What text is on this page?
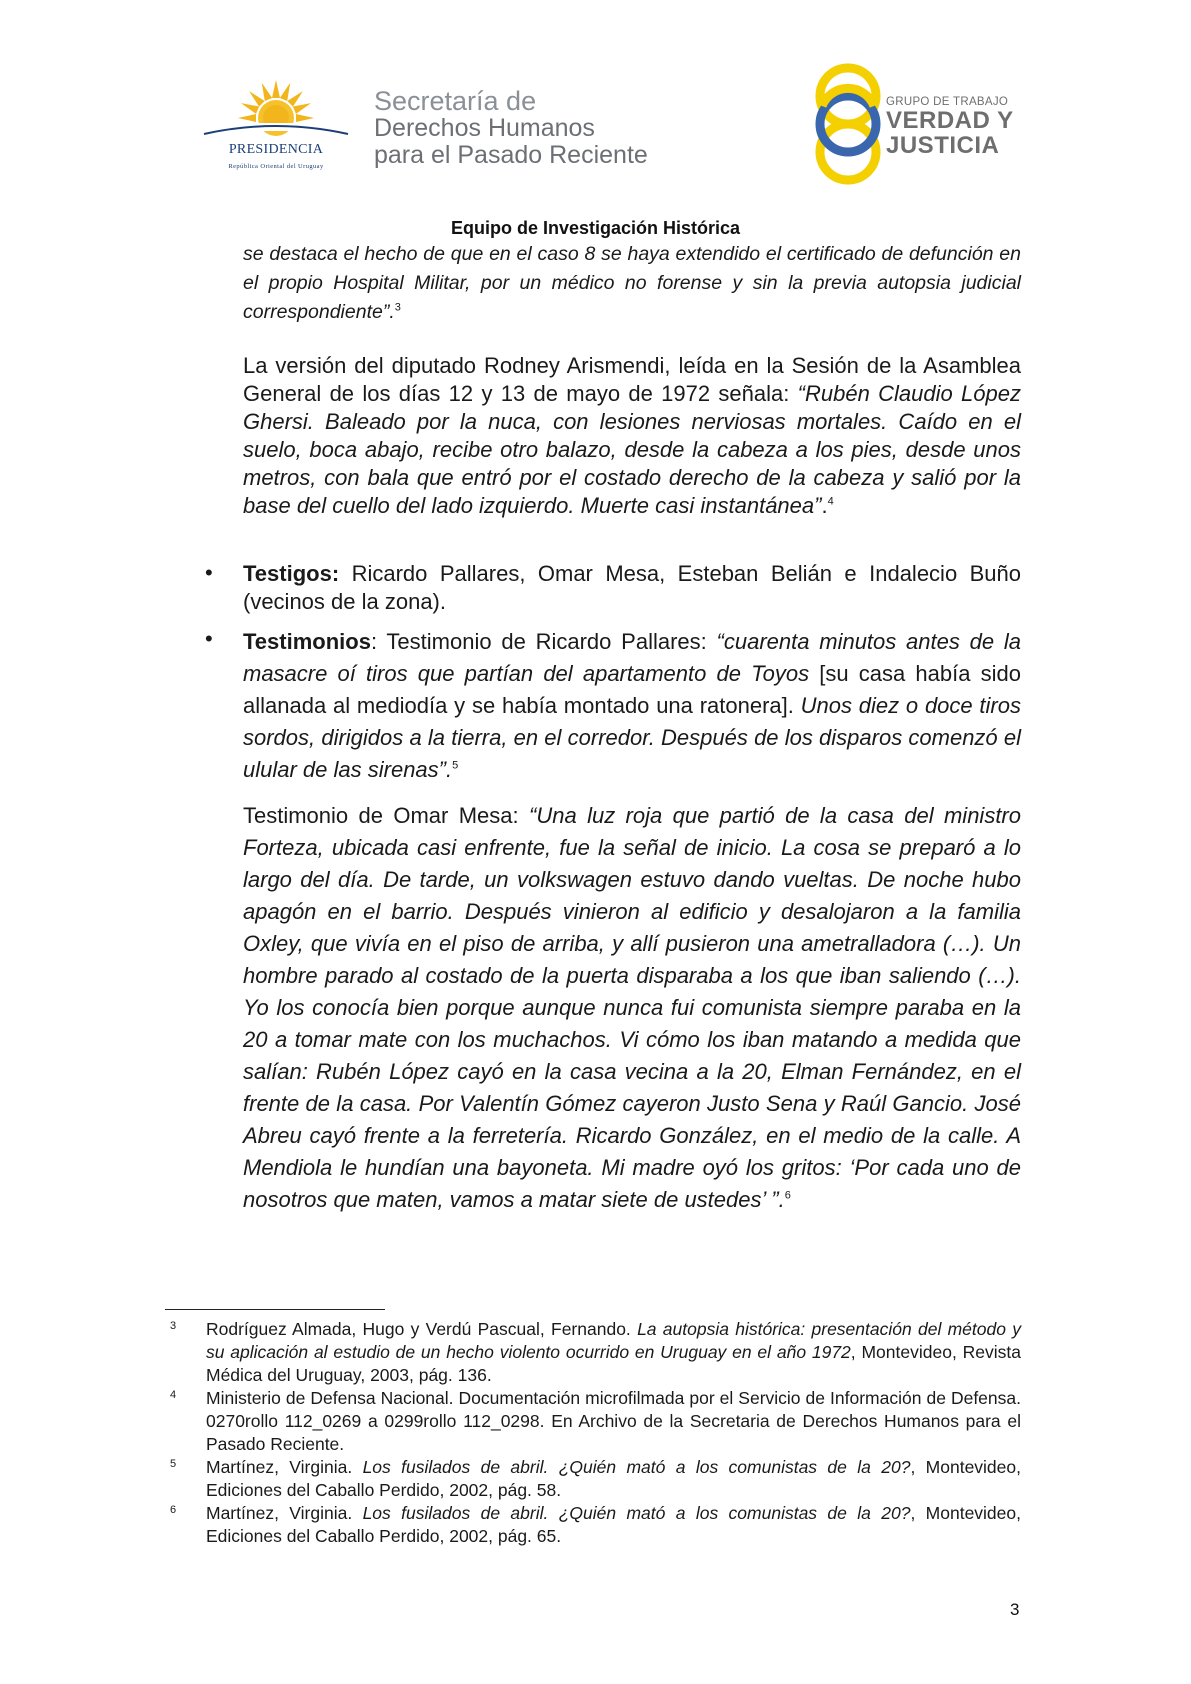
PRESIDENCIA
República Oriental del Uruguay
Secretaría de
Derechos Humanos
para el Pasado Reciente
GRUPO DE TRABAJO
VERDAD Y
JUSTICIA
Equipo de Investigación Histórica
se destaca el hecho de que en el caso 8 se haya extendido el certificado de defunción en el propio Hospital Militar, por un médico no forense y sin la previa autopsia judicial correspondiente”.$^3$
La versión del diputado Rodney Arismendi, leída en la Sesión de la Asamblea General de los días 12 y 13 de mayo de 1972 señala: “Rubén Claudio López Ghersi. Baleado por la nuca, con lesiones nerviosas mortales. Caído en el suelo, boca abajo, recibe otro balazo, desde la cabeza a los pies, desde unos metros, con bala que entró por el costado derecho de la cabeza y salió por la base del cuello del lado izquierdo. Muerte casi instantánea”.$^4$
• Testigos: Ricardo Pallares, Omar Mesa, Esteban Belián e Indalecio Buño (vecinos de la zona).
• Testimonios: Testimonio de Ricardo Pallares: “cuarenta minutos antes de la masacre oí tiros que partían del apartamento de Toyos [su casa había sido allanada al mediodía y se había montado una ratonera]. Unos diez o doce tiros sordos, dirigidos a la tierra, en el corredor. Después de los disparos comenzó el ulular de las sirenas”.$^5$
Testimonio de Omar Mesa: “Una luz roja que partió de la casa del ministro Forteza, ubicada casi enfrente, fue la señal de inicio. La cosa se preparó a lo largo del día. De tarde, un volkswagen estuvo dando vueltas. De noche hubo apagón en el barrio. Después vinieron al edificio y desalojaron a la familia Oxley, que vivía en el piso de arriba, y allí pusieron una ametralladora (…). Un hombre parado al costado de la puerta disparaba a los que iban saliendo (…). Yo los conocía bien porque aunque nunca fui comunista siempre paraba en la 20 a tomar mate con los muchachos. Vi cómo los iban matando a medida que salían: Rubén López cayó en la casa vecina a la 20, Elman Fernández, en el frente de la casa. Por Valentín Gómez cayeron Justo Sena y Raúl Gancio. José Abreu cayó frente a la ferretería. Ricardo González, en el medio de la calle. A Mendiola le hundían una bayoneta. Mi madre oyó los gritos: ‘Por cada uno de nosotros que maten, vamos a matar siete de ustedes’ ”.$^6$
3 Rodríguez Almada, Hugo y Verdú Pascual, Fernando. La autopsia histórica: presentación del método y su aplicación al estudio de un hecho violento ocurrido en Uruguay en el año 1972, Montevideo, Revista Médica del Uruguay, 2003, pág. 136.
4 Ministerio de Defensa Nacional. Documentación microfilmada por el Servicio de Información de Defensa. 0270rollo 112_0269 a 0299rollo 112_0298. En Archivo de la Secretaria de Derechos Humanos para el Pasado Reciente.
5 Martínez, Virginia. Los fusilados de abril. ¿Quién mató a los comunistas de la 20?, Montevideo, Ediciones del Caballo Perdido, 2002, pág. 58.
6 Martínez, Virginia. Los fusilados de abril. ¿Quién mató a los comunistas de la 20?, Montevideo, Ediciones del Caballo Perdido, 2002, pág. 65.
3
